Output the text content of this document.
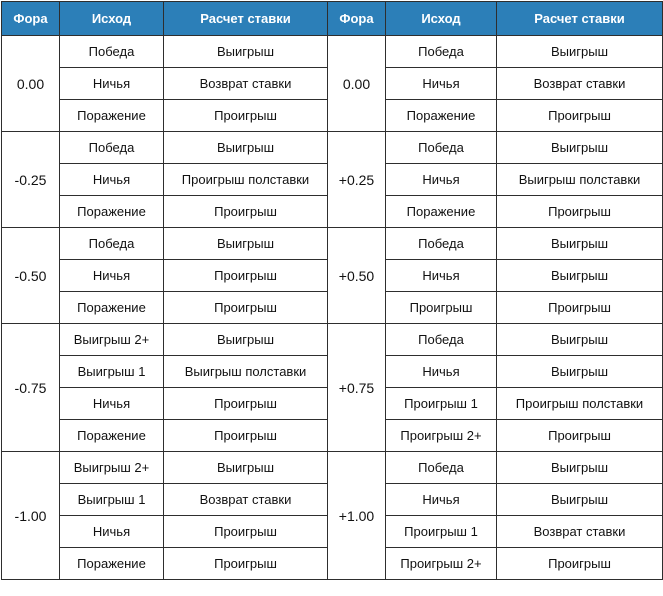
Фора	Исход	Расчет ставки	Фора	Исход	Расчет ставки
0.00	Победа	Выигрыш	0.00	Победа	Выигрыш
	Ничья	Возврат ставки		Ничья	Возврат ставки
	Поражение	Проигрыш		Поражение	Проигрыш
-0.25	Победа	Выигрыш	+0.25	Победа	Выигрыш
	Ничья	Проигрыш полставки		Ничья	Выигрыш полставки
	Поражение	Проигрыш		Поражение	Проигрыш
-0.50	Победа	Выигрыш	+0.50	Победа	Выигрыш
	Ничья	Проигрыш		Ничья	Выигрыш
	Поражение	Проигрыш		Проигрыш	Проигрыш
-0.75	Выигрыш 2+	Выигрыш	+0.75	Победа	Выигрыш
	Выигрыш 1	Выигрыш полставки		Ничья	Выигрыш
	Ничья	Проигрыш		Проигрыш 1	Проигрыш полставки
	Поражение	Проигрыш		Проигрыш 2+	Проигрыш
-1.00	Выигрыш 2+	Выигрыш	+1.00	Победа	Выигрыш
	Выигрыш 1	Возврат ставки		Ничья	Выигрыш
	Ничья	Проигрыш		Проигрыш 1	Возврат ставки
	Поражение	Проигрыш		Проигрыш 2+	Проигрыш
